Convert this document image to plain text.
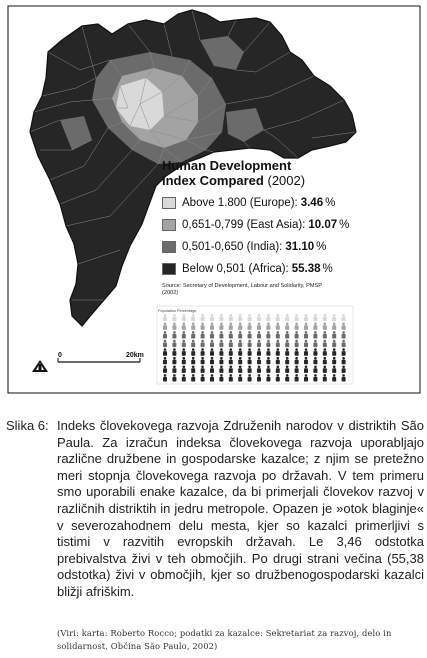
Human Development
Index Compared (2002)
Above 1.800 (Europe): 3.46 %
0,651-0,799 (East Asia): 10.07 %
0,501-0,650 (India): 31.10 %
Below 0,501 (Africa): 55.38 %
Source: Secretary of Development, Labour and Solidarity, PMSP (2002)
Population Percentage
0	20km
Slika 6: Indeks človekovega razvoja Združenih narodov v distriktih São Paula. Za izračun indeksa človekovega razvoja uporabljajo različne družbene in gospodarske kazalce; z njim se pretežno meri stopnja človekovega razvoja po državah. V tem primeru smo uporabili enake kazalce, da bi primerjali človekov razvoj v različnih distriktih in jedru metropole. Opazen je »otok blaginje« v severozahodnem delu mesta, kjer so kazalci primerljivi s tistimi v razvitih evropskih državah. Le 3,46 odstotka prebivalstva živi v teh območjih. Po drugi strani večina (55,38 odstotka) živi v območjih, kjer so družbenogospodarski kazalci bližji afriškim.
(Viri: karta: Roberto Rocco; podatki za kazalce: Sekretariat za razvoj, delo in solidarnost, Občina São Paulo, 2002)
